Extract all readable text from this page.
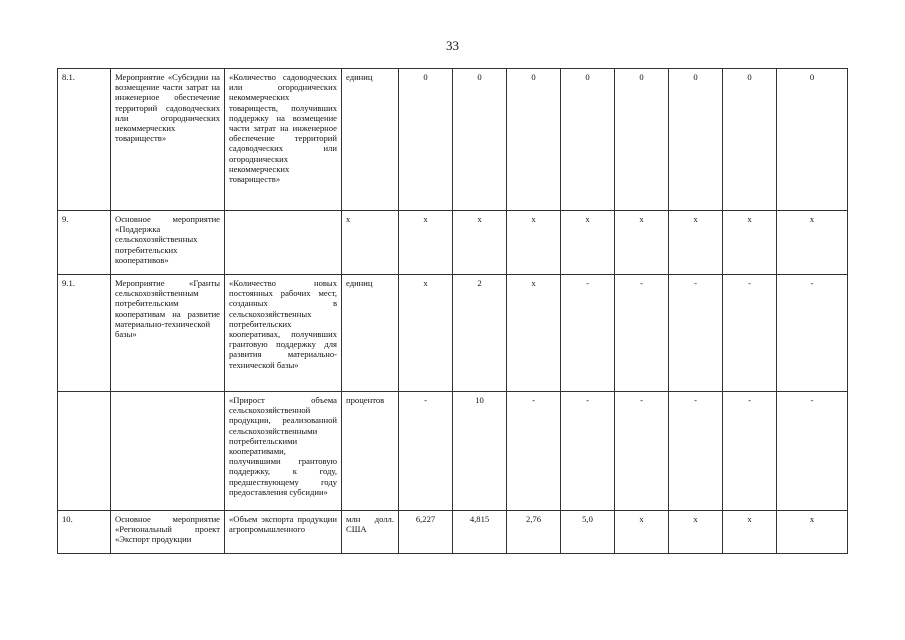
33
8.1.	Мероприятие «Субсидии на возмещение части затрат на инженерное обеспечение территорий садоводческих или огороднических некоммерческих товариществ»	«Количество садоводческих или огороднических некоммерческих товариществ, получивших поддержку на возмещение части затрат на инженерное обеспечение территорий садоводческих или огороднических некоммерческих товариществ»	единиц	0	0	0	0	0	0	0	0
9.	Основное мероприятие «Поддержка сельскохозяйственных потребительских кооперативов»		х	х	х	х	х	х	х	х	х
9.1.	Мероприятие «Гранты сельскохозяйственным потребительским кооперативам на развитие материально-технической базы»	«Количество новых постоянных рабочих мест, созданных в сельскохозяйственных потребительских кооперативах, получивших грантовую поддержку для развития материально-технической базы»	единиц	х	2	х	-	-	-	-	-
		«Прирост объема сельскохозяйственной продукции, реализованной сельскохозяйственными потребительскими кооперативами, получившими грантовую поддержку, к году, предшествующему году предоставления субсидии»	процентов	-	10	-	-	-	-	-	-
10.	Основное мероприятие «Региональный проект «Экспорт продукции	«Объем экспорта продукции агропромышленного	млн долл. США	6,227	4,815	2,76	5,0	х	х	х	х
